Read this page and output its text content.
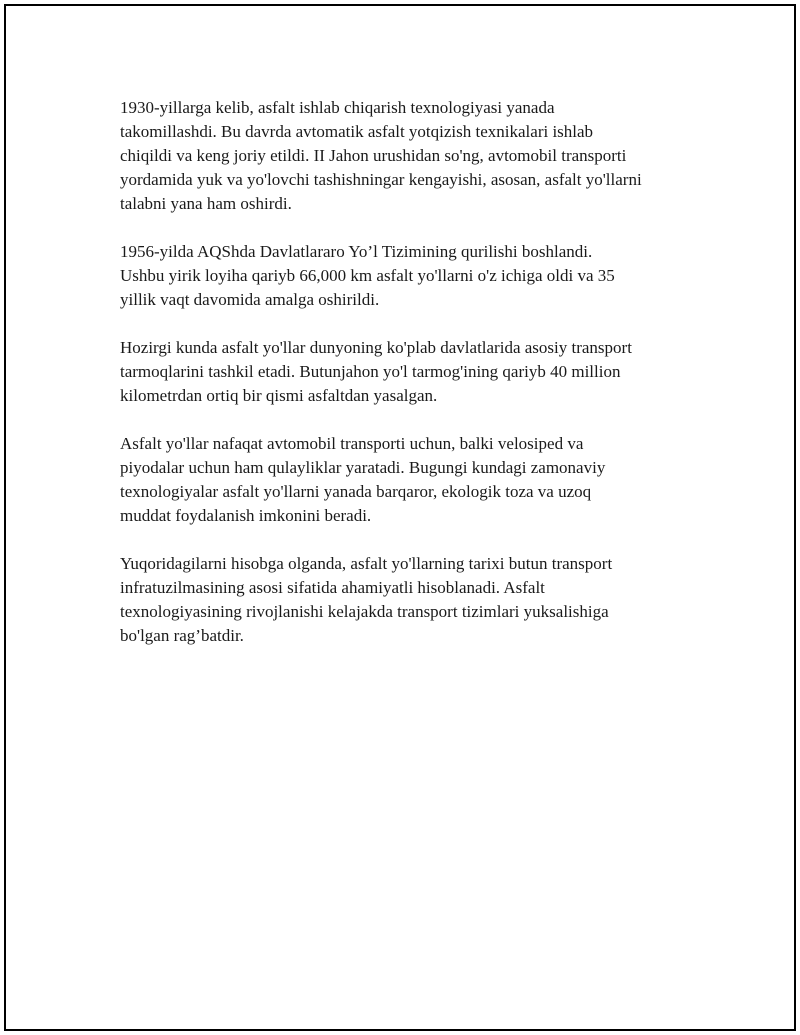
1930-yillarga kelib, asfalt ishlab chiqarish texnologiyasi yanada
takomillashdi. Bu davrda avtomatik asfalt yotqizish texnikalari ishlab
chiqildi va keng joriy etildi. II Jahon urushidan so'ng, avtomobil transporti
yordamida yuk va yo'lovchi tashishningar kengayishi, asosan, asfalt yo'llarni
talabni yana ham oshirdi.

1956-yilda AQShda Davlatlararo Yo’l Tizimining qurilishi boshlandi.
Ushbu yirik loyiha qariyb 66,000 km asfalt yo'llarni o'z ichiga oldi va 35
yillik vaqt davomida amalga oshirildi.

Hozirgi kunda asfalt yo'llar dunyoning ko'plab davlatlarida asosiy transport
tarmoqlarini tashkil etadi. Butunjahon yo'l tarmog'ining qariyb 40 million
kilometrdan ortiq bir qismi asfaltdan yasalgan.

Asfalt yo'llar nafaqat avtomobil transporti uchun, balki velosiped va
piyodalar uchun ham qulayliklar yaratadi. Bugungi kundagi zamonaviy
texnologiyalar asfalt yo'llarni yanada barqaror, ekologik toza va uzoq
muddat foydalanish imkonini beradi.

Yuqoridagilarni hisobga olganda, asfalt yo'llarning tarixi butun transport
infratuzilmasining asosi sifatida ahamiyatli hisoblanadi. Asfalt
texnologiyasining rivojlanishi kelajakda transport tizimlari yuksalishiga
bo'lgan rag’batdir.
